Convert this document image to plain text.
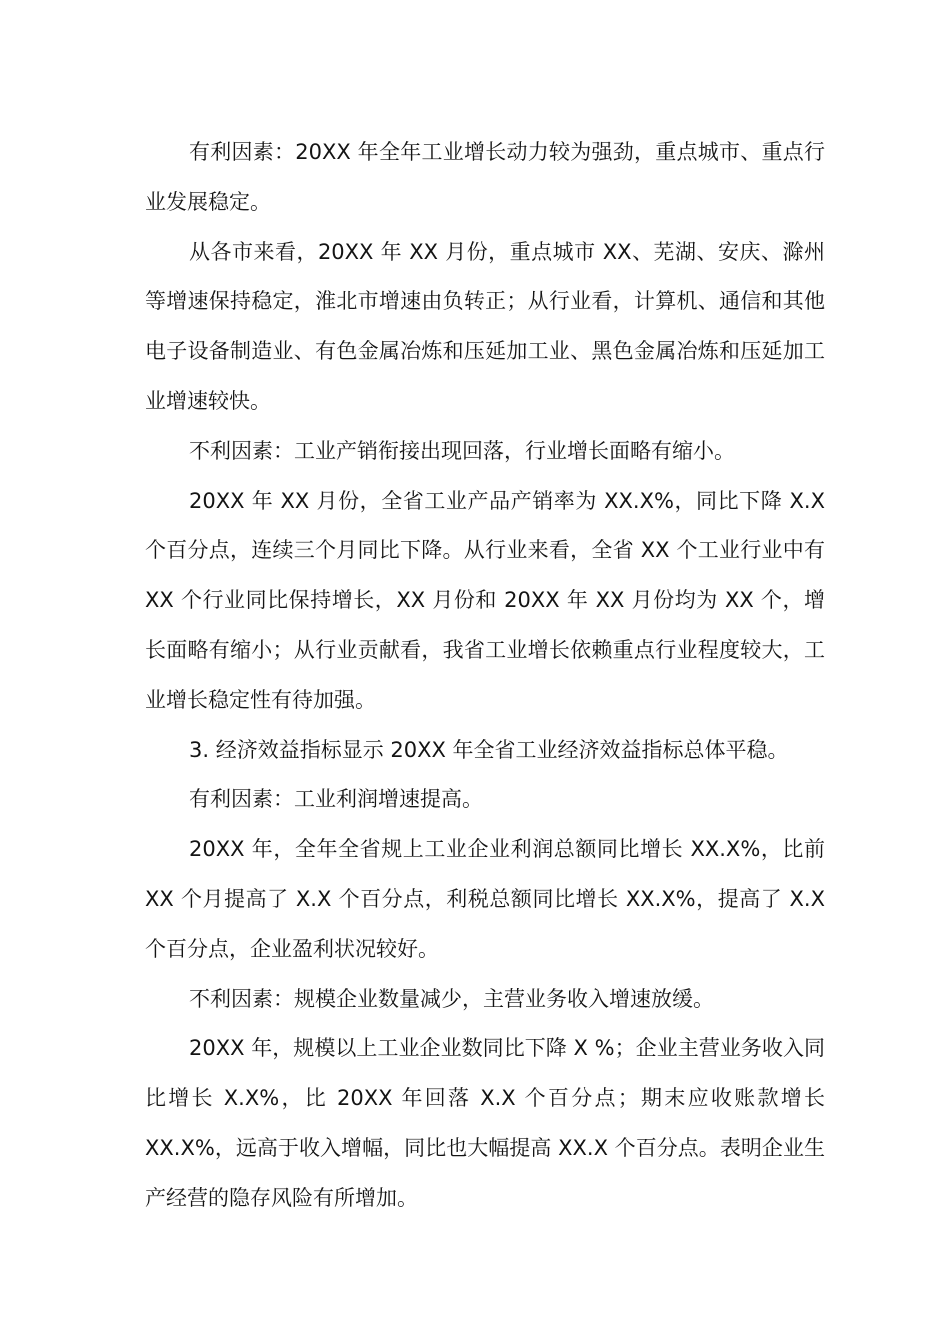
有利因素：20XX 年全年工业增长动力较为强劲，重点城市、重点行业发展稳定。

从各市来看，20XX 年 XX 月份，重点城市 XX、芜湖、安庆、滁州等增速保持稳定，淮北市增速由负转正；从行业看，计算机、通信和其他电子设备制造业、有色金属冶炼和压延加工业、黑色金属冶炼和压延加工业增速较快。

不利因素：工业产销衔接出现回落，行业增长面略有缩小。

20XX 年 XX 月份，全省工业产品产销率为 XX.X%，同比下降 X.X 个百分点，连续三个月同比下降。从行业来看，全省 XX 个工业行业中有 XX 个行业同比保持增长，XX 月份和 20XX 年 XX 月份均为 XX 个，增长面略有缩小；从行业贡献看，我省工业增长依赖重点行业程度较大，工业增长稳定性有待加强。

3. 经济效益指标显示 20XX 年全省工业经济效益指标总体平稳。

有利因素：工业利润增速提高。

20XX 年，全年全省规上工业企业利润总额同比增长 XX.X%，比前 XX 个月提高了 X.X 个百分点，利税总额同比增长 XX.X%，提高了 X.X 个百分点，企业盈利状况较好。

不利因素：规模企业数量减少，主营业务收入增速放缓。

20XX 年，规模以上工业企业数同比下降 X %；企业主营业务收入同比增长 X.X%，比 20XX 年回落 X.X 个百分点；期末应收账款增长 XX.X%，远高于收入增幅，同比也大幅提高 XX.X 个百分点。表明企业生产经营的隐存风险有所增加。
